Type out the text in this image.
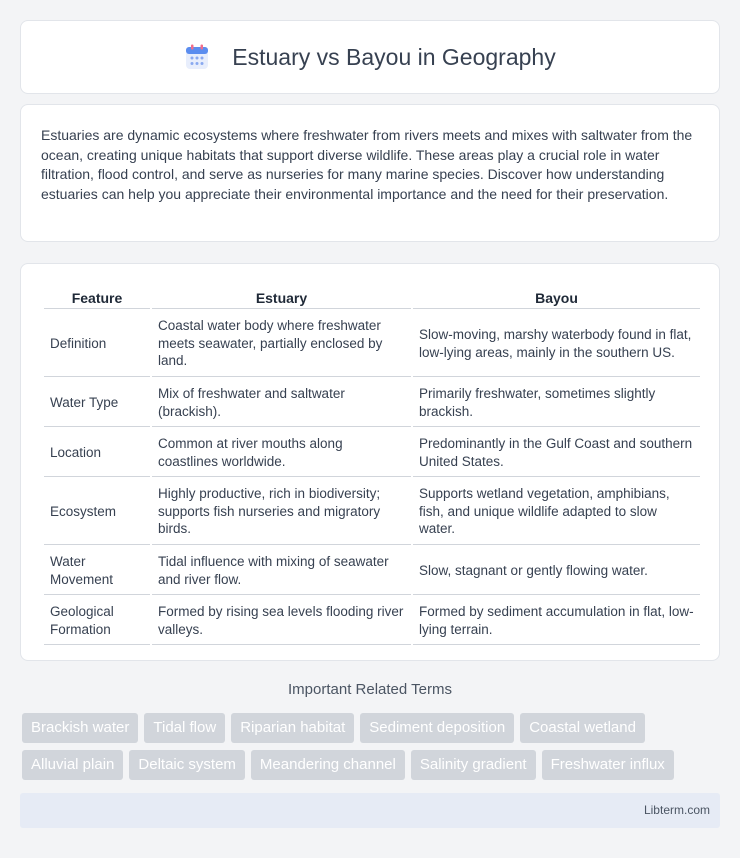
Estuary vs Bayou in Geography

Estuaries are dynamic ecosystems where freshwater from rivers meets and mixes with saltwater from the ocean, creating unique habitats that support diverse wildlife. These areas play a crucial role in water filtration, flood control, and serve as nurseries for many marine species. Discover how understanding estuaries can help you appreciate their environmental importance and the need for their preservation.

Feature	Estuary	Bayou
Definition	Coastal water body where freshwater meets seawater, partially enclosed by land.	Slow-moving, marshy waterbody found in flat, low-lying areas, mainly in the southern US.
Water Type	Mix of freshwater and saltwater (brackish).	Primarily freshwater, sometimes slightly brackish.
Location	Common at river mouths along coastlines worldwide.	Predominantly in the Gulf Coast and southern United States.
Ecosystem	Highly productive, rich in biodiversity; supports fish nurseries and migratory birds.	Supports wetland vegetation, amphibians, fish, and unique wildlife adapted to slow water.
Water Movement	Tidal influence with mixing of seawater and river flow.	Slow, stagnant or gently flowing water.
Geological Formation	Formed by rising sea levels flooding river valleys.	Formed by sediment accumulation in flat, low-lying terrain.
Important Related Terms
Brackish water	Tidal flow	Riparian habitat	Sediment deposition	Coastal wetland
Alluvial plain	Deltaic system	Meandering channel	Salinity gradient	Freshwater influx
Libterm.com
